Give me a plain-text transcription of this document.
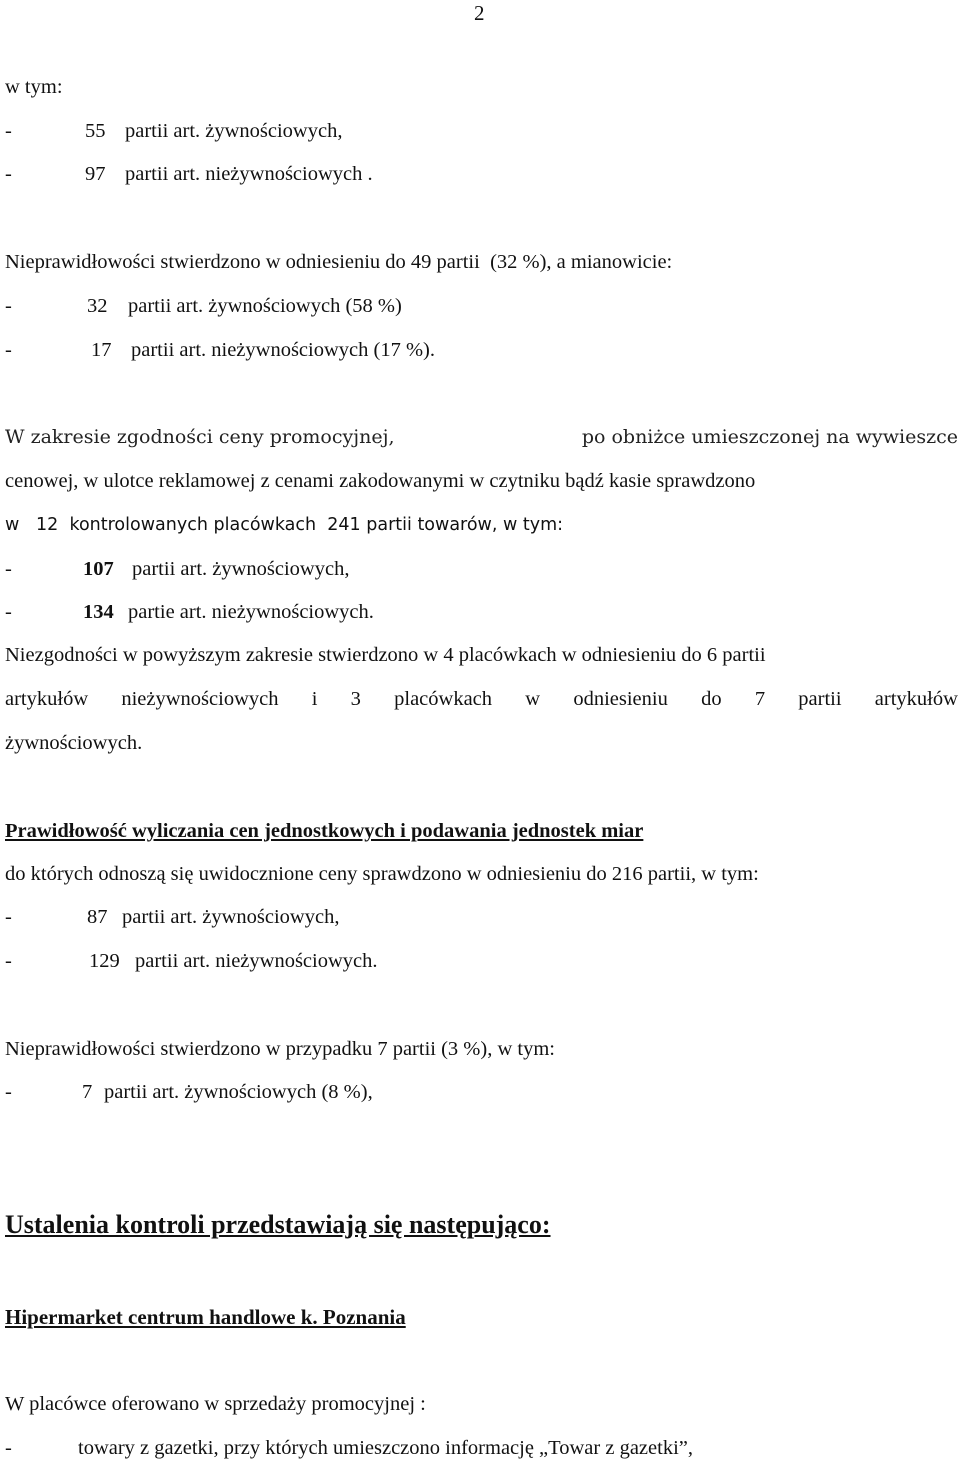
2
w tym:
-	55 partii art. żywnościowych,
-	97 partii art. nieżywnościowych .
Nieprawidłowości stwierdzono w odniesieniu do 49 partii (32 %), a mianowicie:
-	32 partii art. żywnościowych (58 %)
-	17 partii art. nieżywnościowych (17 %).
W zakresie zgodności ceny promocyjnej,	po obniżce umieszczonej na wywieszce
cenowej, w ulotce reklamowej z cenami zakodowanymi w czytniku bądź kasie sprawdzono
w 12 kontrolowanych placówkach 241 partii towarów, w tym:
-	107 partii art. żywnościowych,
-	134 partie art. nieżywnościowych.
Niezgodności w powyższym zakresie stwierdzono w 4 placówkach w odniesieniu do 6 partii
artykułów nieżywnościowych i 3 placówkach w odniesieniu do 7 partii artykułów
żywnościowych.
Prawidłowość wyliczania cen jednostkowych i podawania jednostek miar
do których odnoszą się uwidocznione ceny sprawdzono w odniesieniu do 216 partii, w tym:
-	87 partii art. żywnościowych,
-	129 partii art. nieżywnościowych.
Nieprawidłowości stwierdzono w przypadku 7 partii (3 %), w tym:
-	7 partii art. żywnościowych (8 %),
Ustalenia kontroli przedstawiają się następująco:
Hipermarket centrum handlowe k. Poznania
W placówce oferowano w sprzedaży promocyjnej :
-	towary z gazetki, przy których umieszczono informację „Towar z gazetki”,
